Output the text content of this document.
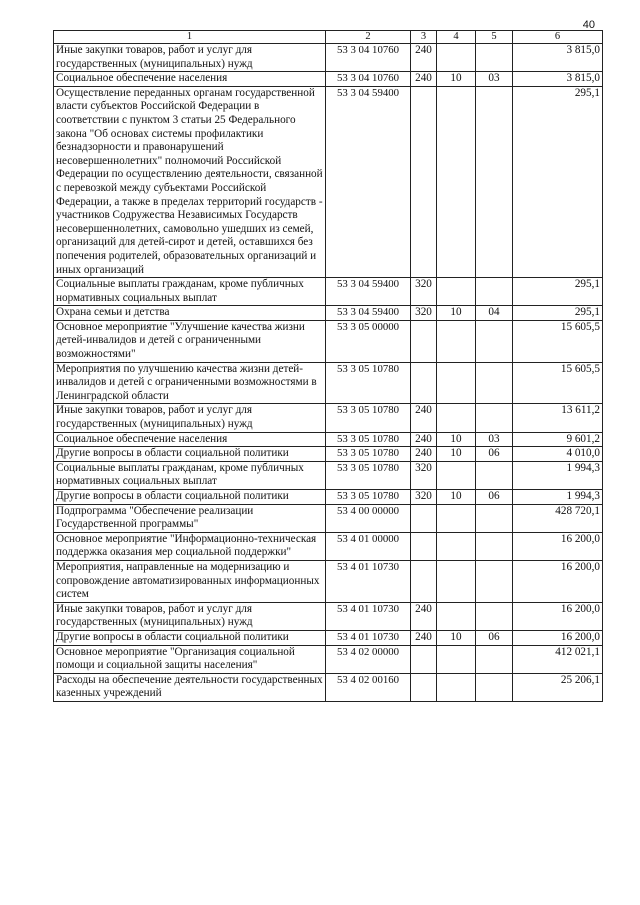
40
1	2	3	4	5	6
Иные закупки товаров, работ и услуг для государственных (муниципальных) нужд	53 3 04 10760	240			3 815,0
Социальное обеспечение населения	53 3 04 10760	240	10	03	3 815,0
Осуществление переданных органам государственной власти субъектов Российской Федерации в соответствии с пунктом 3 статьи 25 Федерального закона "Об основах системы профилактики безнадзорности и правонарушений несовершеннолетних" полномочий Российской Федерации по осуществлению деятельности, связанной с перевозкой между субъектами Российской Федерации, а также в пределах территорий государств - участников Содружества Независимых Государств несовершеннолетних, самовольно ушедших из семей, организаций для детей-сирот и детей, оставшихся без попечения родителей, образовательных организаций и иных организаций	53 3 04 59400				295,1
Социальные выплаты гражданам, кроме публичных нормативных социальных выплат	53 3 04 59400	320			295,1
Охрана семьи и детства	53 3 04 59400	320	10	04	295,1
Основное мероприятие "Улучшение качества жизни детей-инвалидов и детей с ограниченными возможностями"	53 3 05 00000				15 605,5
Мероприятия по улучшению качества жизни детей-инвалидов и детей с ограниченными возможностями в Ленинградской области	53 3 05 10780				15 605,5
Иные закупки товаров, работ и услуг для государственных (муниципальных) нужд	53 3 05 10780	240			13 611,2
Социальное обеспечение населения	53 3 05 10780	240	10	03	9 601,2
Другие вопросы в области социальной политики	53 3 05 10780	240	10	06	4 010,0
Социальные выплаты гражданам, кроме публичных нормативных социальных выплат	53 3 05 10780	320			1 994,3
Другие вопросы в области социальной политики	53 3 05 10780	320	10	06	1 994,3
Подпрограмма "Обеспечение реализации Государственной программы"	53 4 00 00000				428 720,1
Основное мероприятие "Информационно-техническая поддержка оказания мер социальной поддержки"	53 4 01 00000				16 200,0
Мероприятия, направленные на модернизацию и сопровождение автоматизированных информационных систем	53 4 01 10730				16 200,0
Иные закупки товаров, работ и услуг для государственных (муниципальных) нужд	53 4 01 10730	240			16 200,0
Другие вопросы в области социальной политики	53 4 01 10730	240	10	06	16 200,0
Основное мероприятие "Организация социальной помощи и социальной защиты населения"	53 4 02 00000				412 021,1
Расходы на обеспечение деятельности государственных казенных учреждений	53 4 02 00160				25 206,1
